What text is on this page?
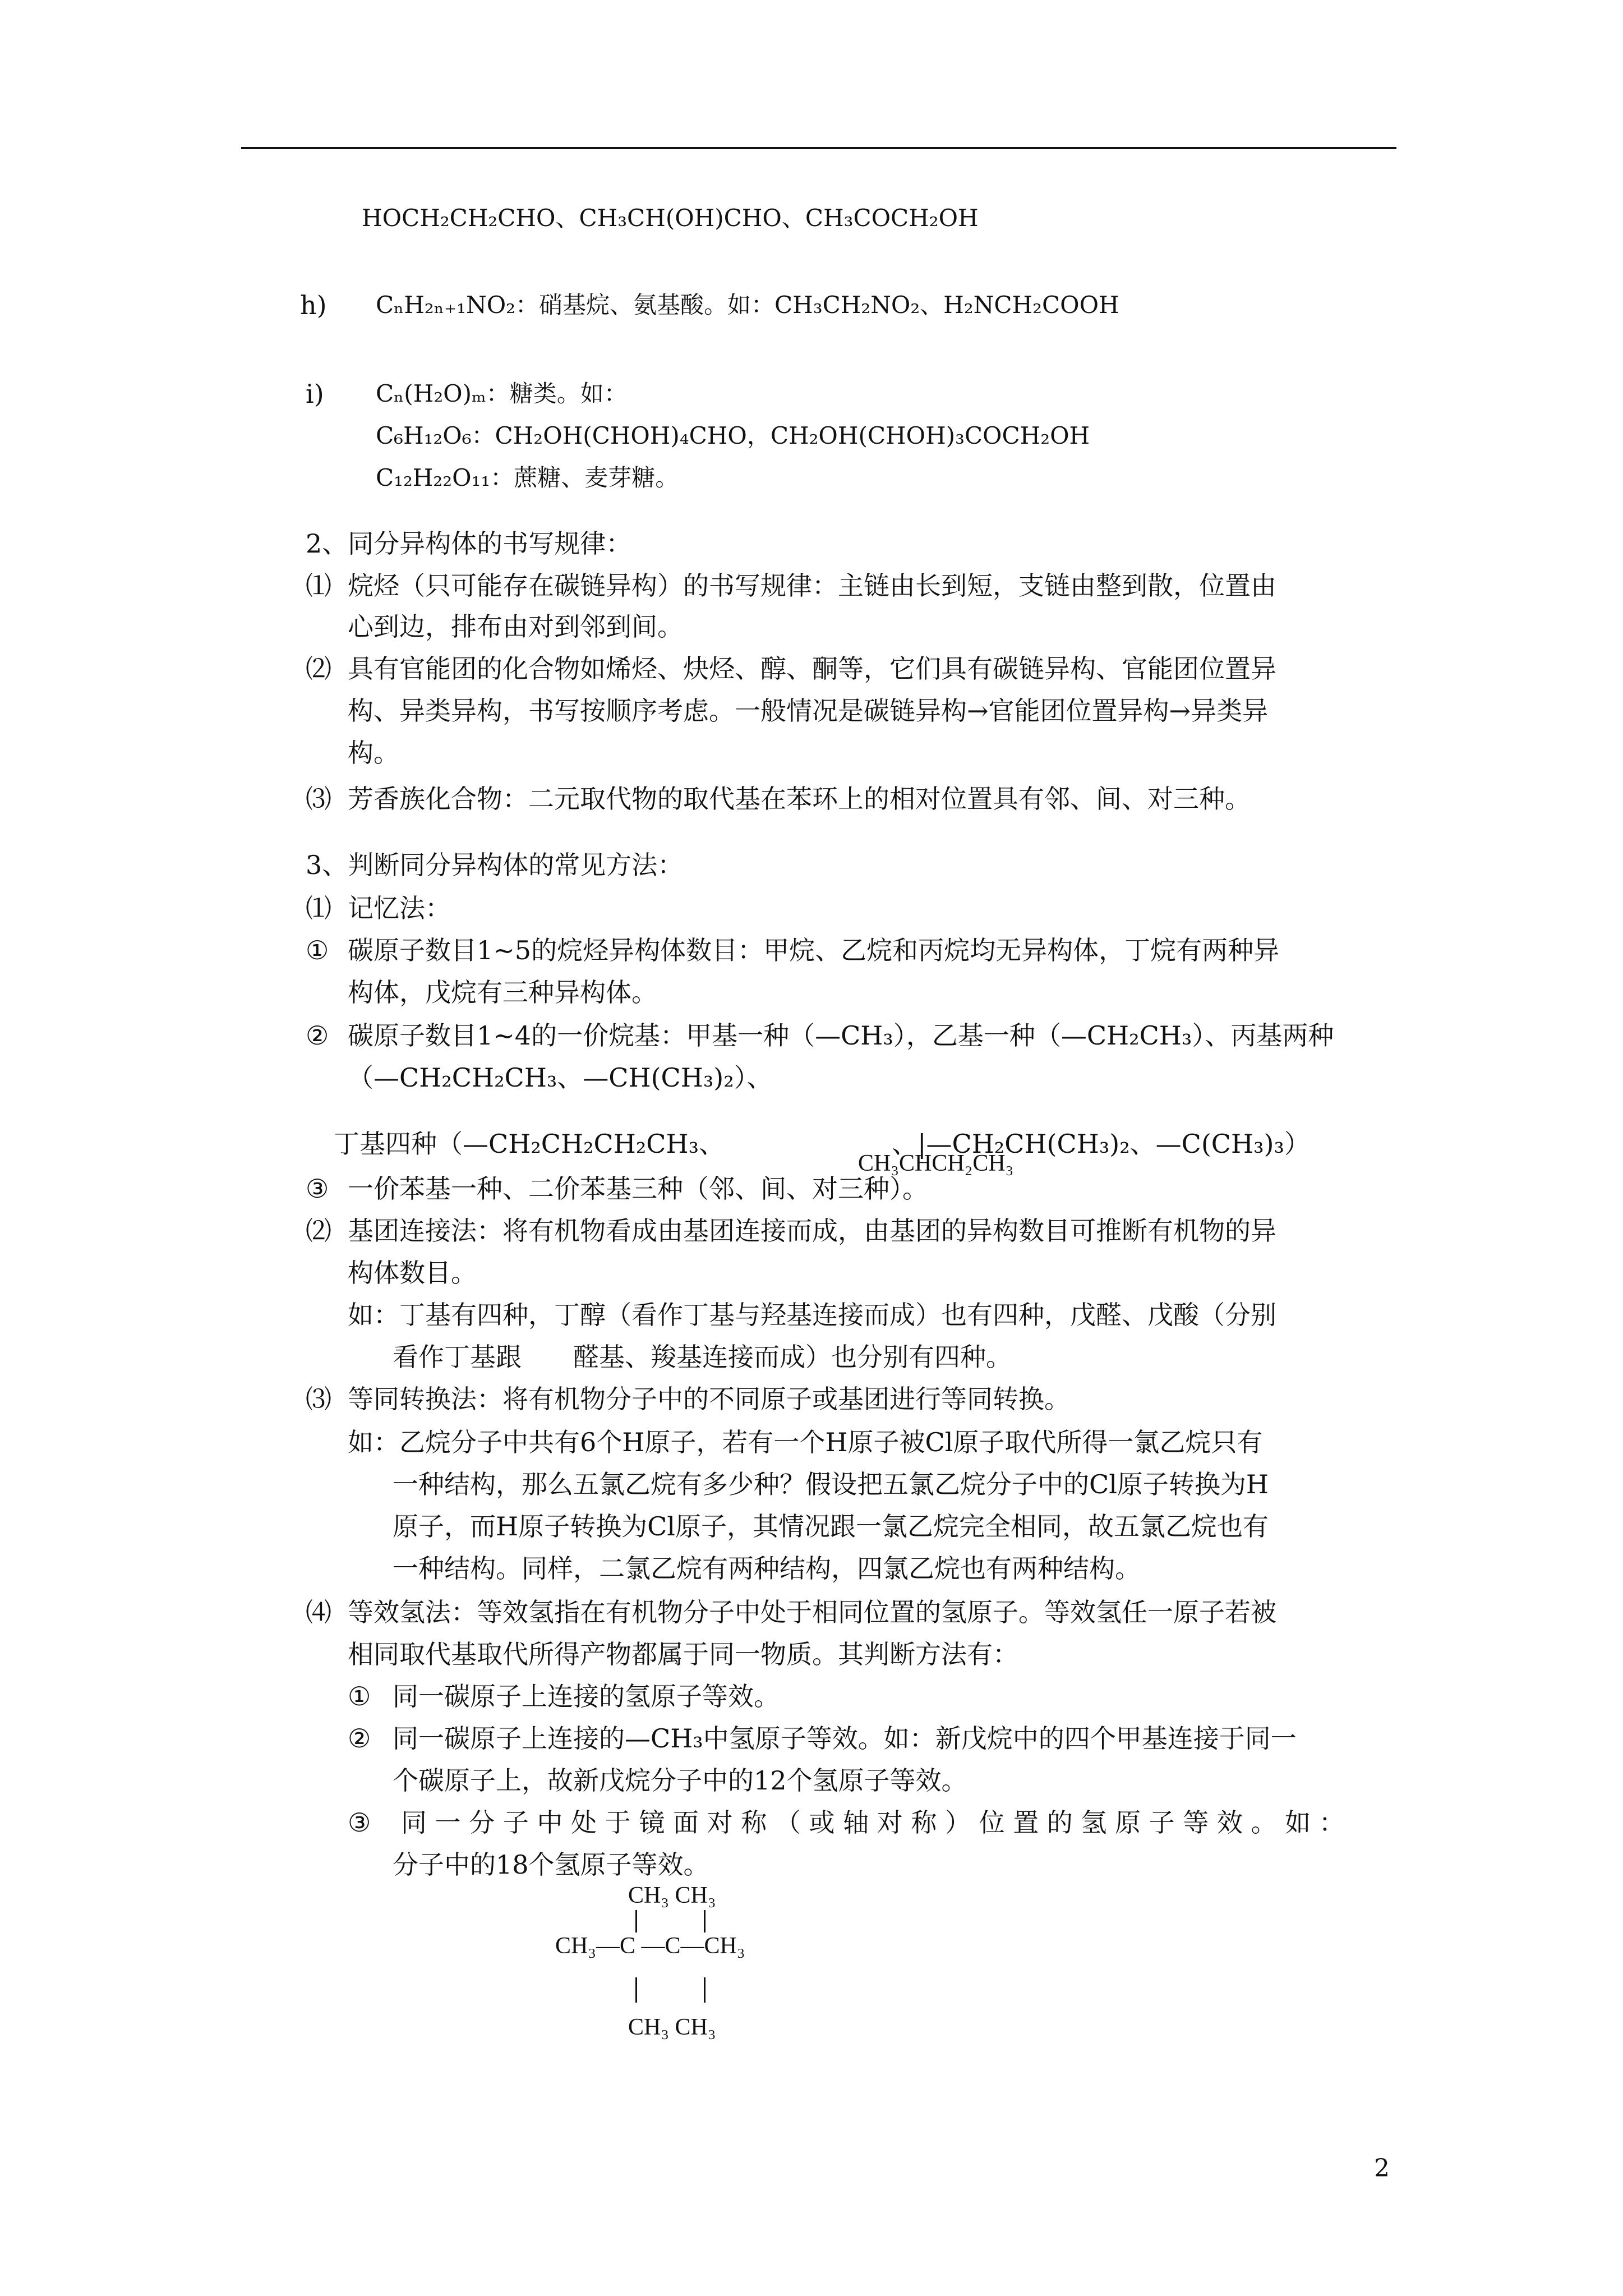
HOCH₂CH₂CHO、CH₃CH(OH)CHO、CH₃COCH₂OH
h) CₙH₂ₙ₊₁NO₂：硝基烷、氨基酸。如：CH₃CH₂NO₂、H₂NCH₂COOH
i) Cₙ(H₂O)ₘ：糖类。如：
C₆H₁₂O₆：CH₂OH(CHOH)₄CHO，CH₂OH(CHOH)₃COCH₂OH
C₁₂H₂₂O₁₁：蔗糖、麦芽糖。
2、同分异构体的书写规律：
⑴ 烷烃（只可能存在碳链异构）的书写规律：主链由长到短，支链由整到散，位置由
心到边，排布由对到邻到间。
⑵ 具有官能团的化合物如烯烃、炔烃、醇、酮等，它们具有碳链异构、官能团位置异
构、异类异构，书写按顺序考虑。一般情况是碳链异构→官能团位置异构→异类异
构。
⑶ 芳香族化合物：二元取代物的取代基在苯环上的相对位置具有邻、间、对三种。
3、判断同分异构体的常见方法：
⑴ 记忆法：
① 碳原子数目1~5的烷烃异构体数目：甲烷、乙烷和丙烷均无异构体，丁烷有两种异
构体，戊烷有三种异构体。
② 碳原子数目1~4的一价烷基：甲基一种（—CH₃），乙基一种（—CH₂CH₃）、丙基两种
（—CH₂CH₂CH₃、—CH(CH₃)₂）、
丁基四种（—CH₂CH₂CH₂CH₃、	、|—CH₂CH(CH₃)₂、—C(CH₃)₃）
CH₃CHCH₂CH₃
③ 一价苯基一种、二价苯基三种（邻、间、对三种）。
⑵ 基团连接法：将有机物看成由基团连接而成，由基团的异构数目可推断有机物的异
构体数目。
如：丁基有四种，丁醇（看作丁基与羟基连接而成）也有四种，戊醛、戊酸（分别
看作丁基跟　　醛基、羧基连接而成）也分别有四种。
⑶ 等同转换法：将有机物分子中的不同原子或基团进行等同转换。
如：乙烷分子中共有6个H原子，若有一个H原子被Cl原子取代所得一氯乙烷只有
一种结构，那么五氯乙烷有多少种？假设把五氯乙烷分子中的Cl原子转换为H
原子，而H原子转换为Cl原子，其情况跟一氯乙烷完全相同，故五氯乙烷也有
一种结构。同样，二氯乙烷有两种结构，四氯乙烷也有两种结构。
⑷ 等效氢法：等效氢指在有机物分子中处于相同位置的氢原子。等效氢任一原子若被
相同取代基取代所得产物都属于同一物质。其判断方法有：
① 同一碳原子上连接的氢原子等效。
② 同一碳原子上连接的—CH₃中氢原子等效。如：新戊烷中的四个甲基连接于同一
个碳原子上，故新戊烷分子中的12个氢原子等效。
③ 同 一 分 子 中 处 于 镜 面 对 称 （ 或 轴 对 称 ） 位 置 的 氢 原 子 等 效 。 如 ：
分子中的18个氢原子等效。
CH₃ CH₃
CH₃—C —C—CH₃
CH₃ CH₃
2
